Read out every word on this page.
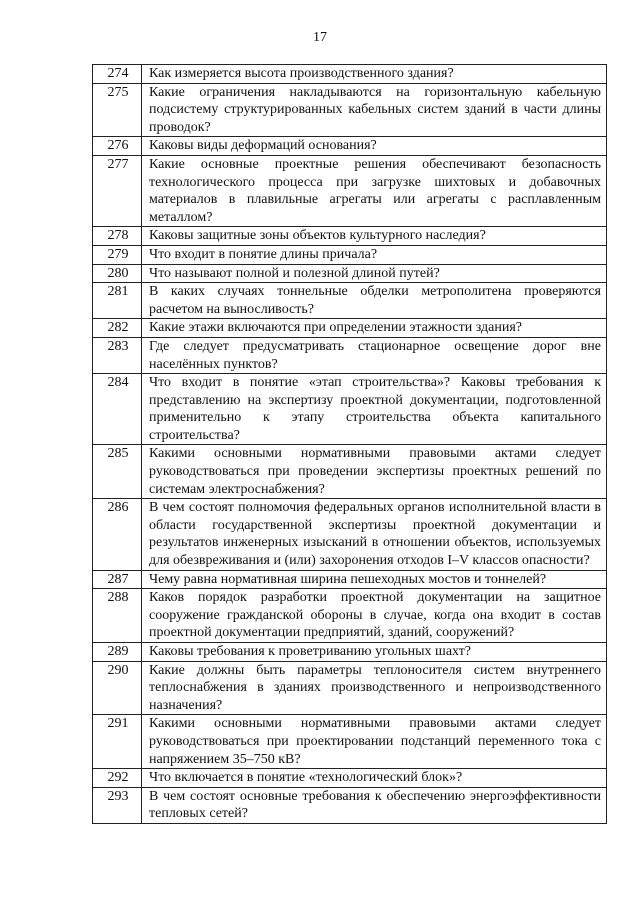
17
274	Как измеряется высота производственного здания?
275	Какие ограничения накладываются на горизонтальную кабельную подсистему структурированных кабельных систем зданий в части длины проводок?
276	Каковы виды деформаций основания?
277	Какие основные проектные решения обеспечивают безопасность технологического процесса при загрузке шихтовых и добавочных материалов в плавильные агрегаты или агрегаты с расплавленным металлом?
278	Каковы защитные зоны объектов культурного наследия?
279	Что входит в понятие длины причала?
280	Что называют полной и полезной длиной путей?
281	В каких случаях тоннельные обделки метрополитена проверяются расчетом на выносливость?
282	Какие этажи включаются при определении этажности здания?
283	Где следует предусматривать стационарное освещение дорог вне населённых пунктов?
284	Что входит в понятие «этап строительства»? Каковы требования к представлению на экспертизу проектной документации, подготовленной применительно к этапу строительства объекта капитального строительства?
285	Какими основными нормативными правовыми актами следует руководствоваться при проведении экспертизы проектных решений по системам электроснабжения?
286	В чем состоят полномочия федеральных органов исполнительной власти в области государственной экспертизы проектной документации и результатов инженерных изысканий в отношении объектов, используемых для обезвреживания и (или) захоронения отходов I–V классов опасности?
287	Чему равна нормативная ширина пешеходных мостов и тоннелей?
288	Каков порядок разработки проектной документации на защитное сооружение гражданской обороны в случае, когда она входит в состав проектной документации предприятий, зданий, сооружений?
289	Каковы требования к проветриванию угольных шахт?
290	Какие должны быть параметры теплоносителя систем внутреннего теплоснабжения в зданиях производственного и непроизводственного назначения?
291	Какими основными нормативными правовыми актами следует руководствоваться при проектировании подстанций переменного тока с напряжением 35–750 кВ?
292	Что включается в понятие «технологический блок»?
293	В чем состоят основные требования к обеспечению энергоэффективности тепловых сетей?
